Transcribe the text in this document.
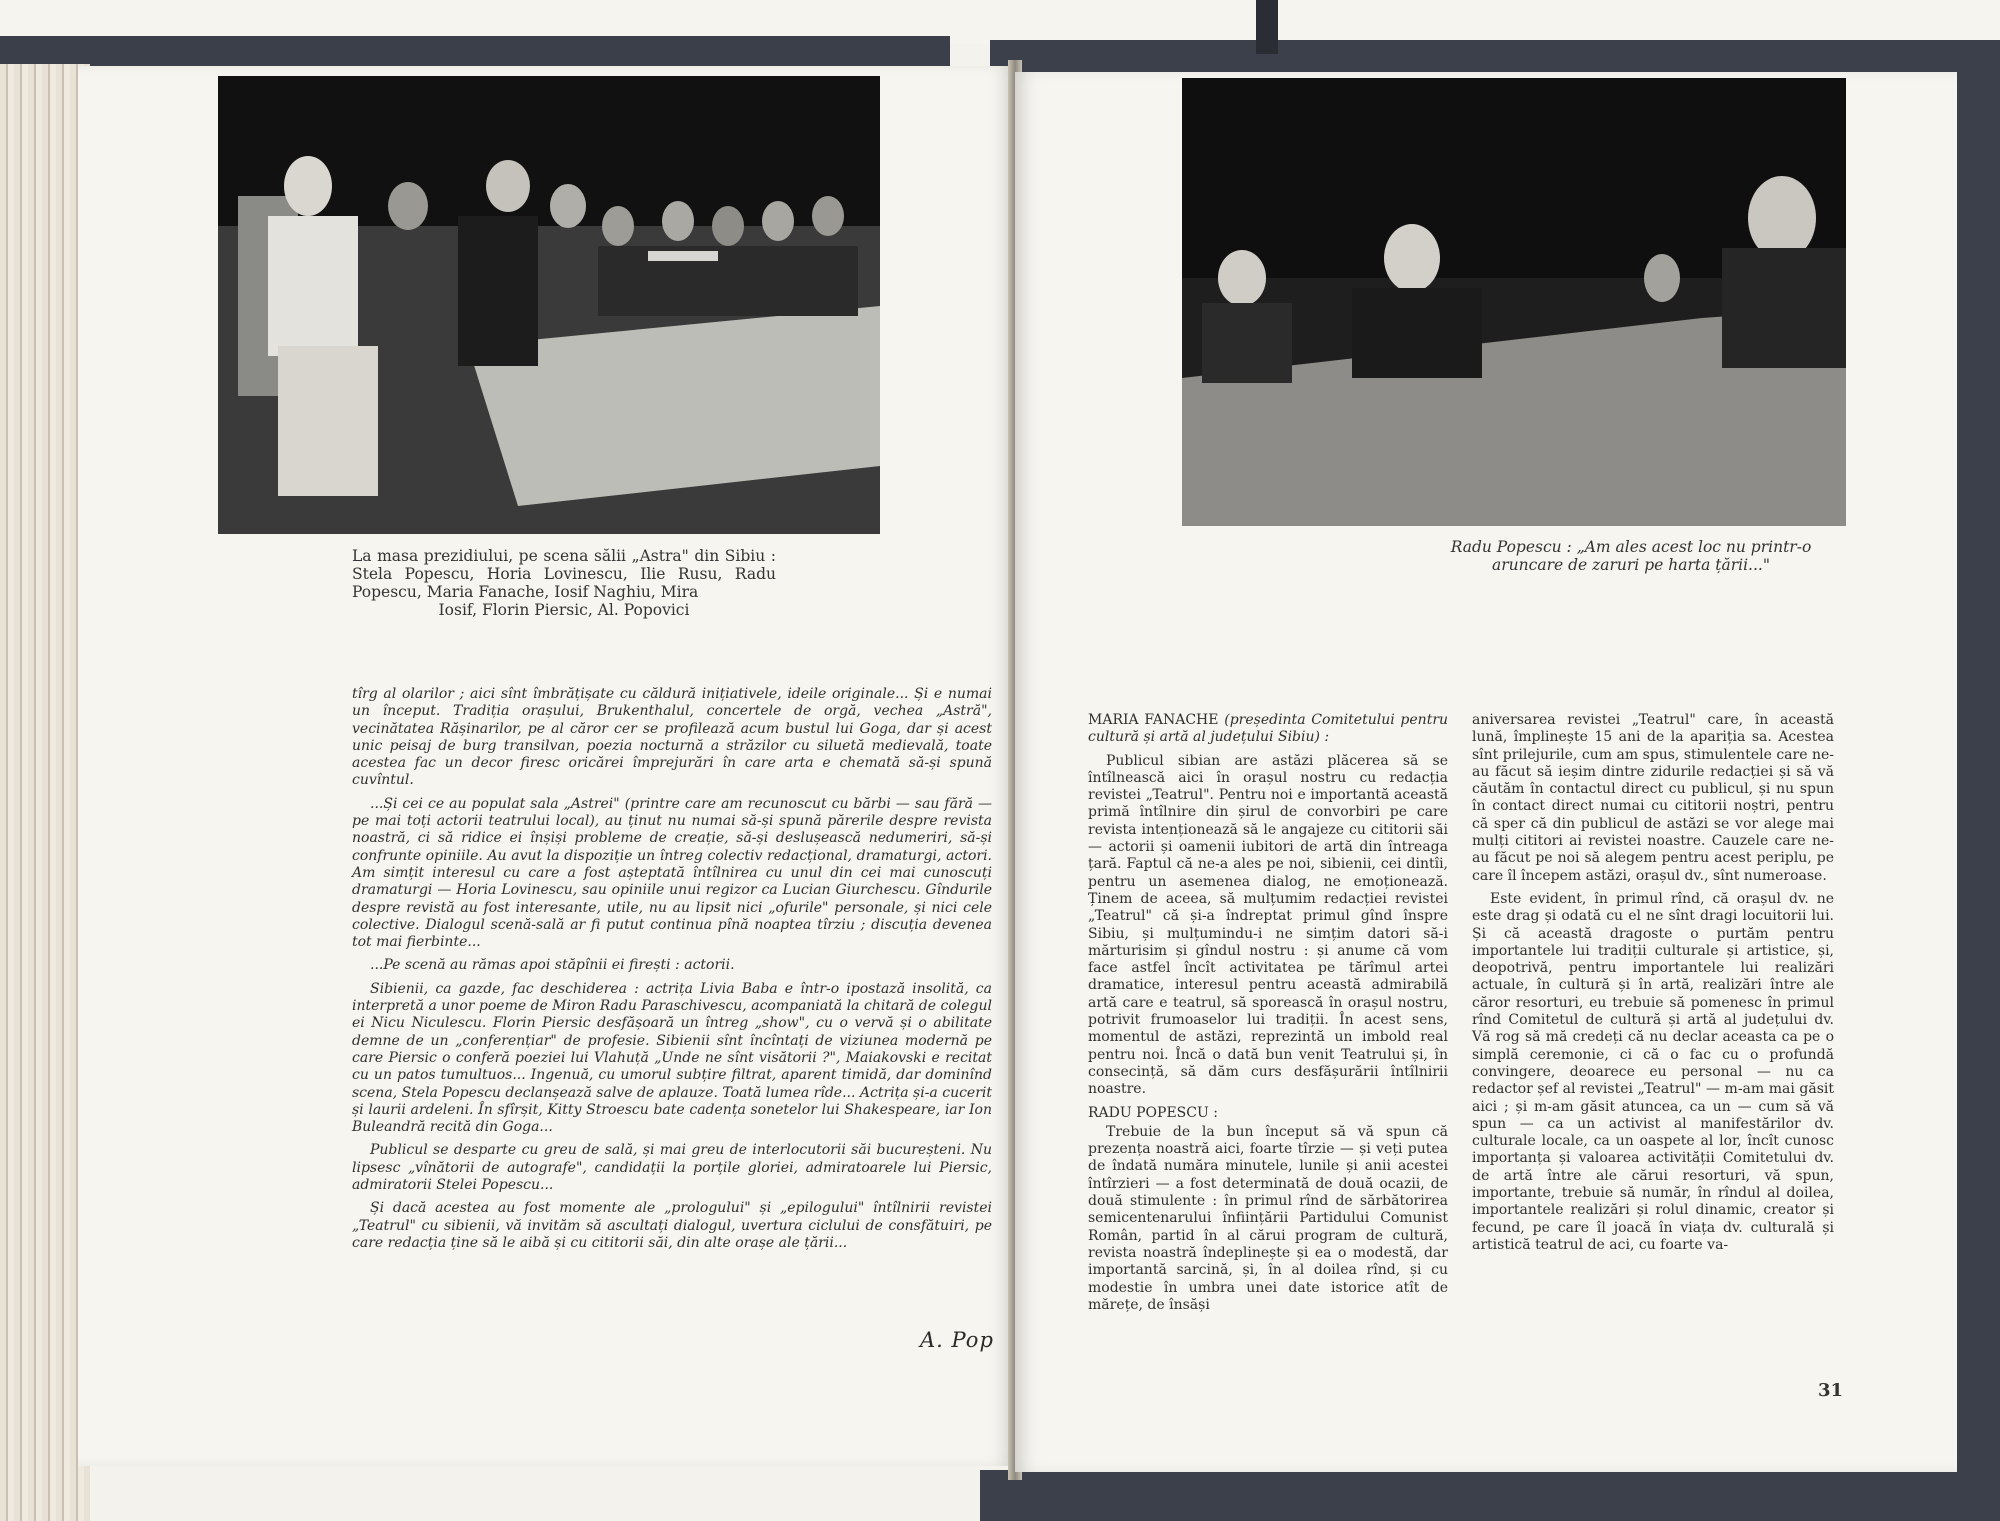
La masa prezidiului, pe scena sălii „Astra" din Sibiu : Stela Popescu, Horia Lovinescu, Ilie Rusu, Radu Popescu, Maria Fanache, Iosif Naghiu, Mira
Iosif, Florin Piersic, Al. Popovici

tîrg al olarilor ; aici sînt îmbrățișate cu căldură inițiativele, ideile originale... Și e numai un început. Tradiția orașului, Brukenthalul, concertele de orgă, vechea „Astră", vecinătatea Rășinarilor, pe al căror cer se profilează acum bustul lui Goga, dar și acest unic peisaj de burg transilvan, poezia nocturnă a străzilor cu siluetă medievală, toate acestea fac un decor firesc oricărei împrejurări în care arta e chemată să-și spună cuvîntul.

...Și cei ce au populat sala „Astrei" (printre care am recunoscut cu bărbi — sau fără — pe mai toți actorii teatrului local), au ținut nu numai să-și spună părerile despre revista noastră, ci să ridice ei înșiși probleme de creație, să-și deslușească nedumeriri, să-și confrunte opiniile. Au avut la dispoziție un întreg colectiv redacțional, dramaturgi, actori. Am simțit interesul cu care a fost așteptată întîlnirea cu unul din cei mai cunoscuți dramaturgi — Horia Lovinescu, sau opiniile unui regizor ca Lucian Giurchescu. Gîndurile despre revistă au fost interesante, utile, nu au lipsit nici „ofurile" personale, și nici cele colective. Dialogul scenă-sală ar fi putut continua pînă noaptea tîrziu ; discuția devenea tot mai fierbinte...

...Pe scenă au rămas apoi stăpînii ei firești : actorii.

Sibienii, ca gazde, fac deschiderea : actrița Livia Baba e într-o ipostază insolită, ca interpretă a unor poeme de Miron Radu Paraschivescu, acompaniată la chitară de colegul ei Nicu Niculescu. Florin Piersic desfășoară un întreg „show", cu o vervă și o abilitate demne de un „conferențiar" de profesie. Sibienii sînt încîntați de viziunea modernă pe care Piersic o conferă poeziei lui Vlahuță „Unde ne sînt visătorii ?", Maiakovski e recitat cu un patos tumultuos... Ingenuă, cu umorul subțire filtrat, aparent timidă, dar dominînd scena, Stela Popescu declanșează salve de aplauze. Toată lumea rîde... Actrița și-a cucerit și laurii ardeleni. În sfîrșit, Kitty Stroescu bate cadența sonetelor lui Shakespeare, iar Ion Buleandră recită din Goga...

Publicul se desparte cu greu de sală, și mai greu de interlocutorii săi bucureșteni. Nu lipsesc „vînătorii de autografe", candidații la porțile gloriei, admiratoarele lui Piersic, admiratorii Stelei Popescu...

Și dacă acestea au fost momente ale „prologului" și „epilogului" întîlnirii revistei „Teatrul" cu sibienii, vă invităm să ascultați dialogul, uvertura ciclului de consfătuiri, pe care redacția ține să le aibă și cu cititorii săi, din alte orașe ale țării...

A. Pop
Radu Popescu : „Am ales acest loc nu printr-o
aruncare de zaruri pe harta țării..."

MARIA FANACHE (președinta Comitetului pentru cultură și artă al județului Sibiu) :

Publicul sibian are astăzi plăcerea să se întîlnească aici în orașul nostru cu redacția revistei „Teatrul". Pentru noi e importantă această primă întîlnire din șirul de convorbiri pe care revista intenționează să le angajeze cu cititorii săi — actorii și oamenii iubitori de artă din întreaga țară. Faptul că ne-a ales pe noi, sibienii, cei dintîi, pentru un asemenea dialog, ne emoționează. Ținem de aceea, să mulțumim redacției revistei „Teatrul" că și-a îndreptat primul gînd înspre Sibiu, și mulțumindu-i ne simțim datori să-i mărturisim și gîndul nostru : și anume că vom face astfel încît activitatea pe tărîmul artei dramatice, interesul pentru această admirabilă artă care e teatrul, să sporească în orașul nostru, potrivit frumoaselor lui tradiții. În acest sens, momentul de astăzi, reprezintă un imbold real pentru noi. Încă o dată bun venit Teatrului și, în consecință, să dăm curs desfășurării întîlnirii noastre.

RADU POPESCU :

Trebuie de la bun început să vă spun că prezența noastră aici, foarte tîrzie — și veți putea de îndată număra minutele, lunile și anii acestei întîrzieri — a fost determinată de două ocazii, de două stimulente : în primul rînd de sărbătorirea semicentenarului înființării Partidului Comunist Român, partid în al cărui program de cultură, revista noastră îndeplinește și ea o modestă, dar importantă sarcină, și, în al doilea rînd, și cu modestie în umbra unei date istorice atît de mărețe, de însăși

aniversarea revistei „Teatrul" care, în această lună, împlinește 15 ani de la apariția sa. Acestea sînt prilejurile, cum am spus, stimulentele care ne-au făcut să ieșim dintre zidurile redacției și să vă căutăm în contactul direct cu publicul, și nu spun în contact direct numai cu cititorii noștri, pentru că sper că din publicul de astăzi se vor alege mai mulți cititori ai revistei noastre. Cauzele care ne-au făcut pe noi să alegem pentru acest periplu, pe care îl începem astăzi, orașul dv., sînt numeroase.

Este evident, în primul rînd, că orașul dv. ne este drag și odată cu el ne sînt dragi locuitorii lui. Și că această dragoste o purtăm pentru importantele lui tradiții culturale și artistice, și, deopotrivă, pentru importantele lui realizări actuale, în cultură și în artă, realizări între ale căror resorturi, eu trebuie să pomenesc în primul rînd Comitetul de cultură și artă al județului dv. Vă rog să mă credeți că nu declar aceasta ca pe o simplă ceremonie, ci că o fac cu o profundă convingere, deoarece eu personal — nu ca redactor șef al revistei „Teatrul" — m-am mai găsit aici ; și m-am găsit atuncea, ca un — cum să vă spun — ca un activist al manifestărilor dv. culturale locale, ca un oaspete al lor, încît cunosc importanța și valoarea activității Comitetului dv. de artă între ale cărui resorturi, vă spun, importante, trebuie să număr, în rîndul al doilea, importantele realizări și rolul dinamic, creator și fecund, pe care îl joacă în viața dv. culturală și artistică teatrul de aci, cu foarte va-

31
